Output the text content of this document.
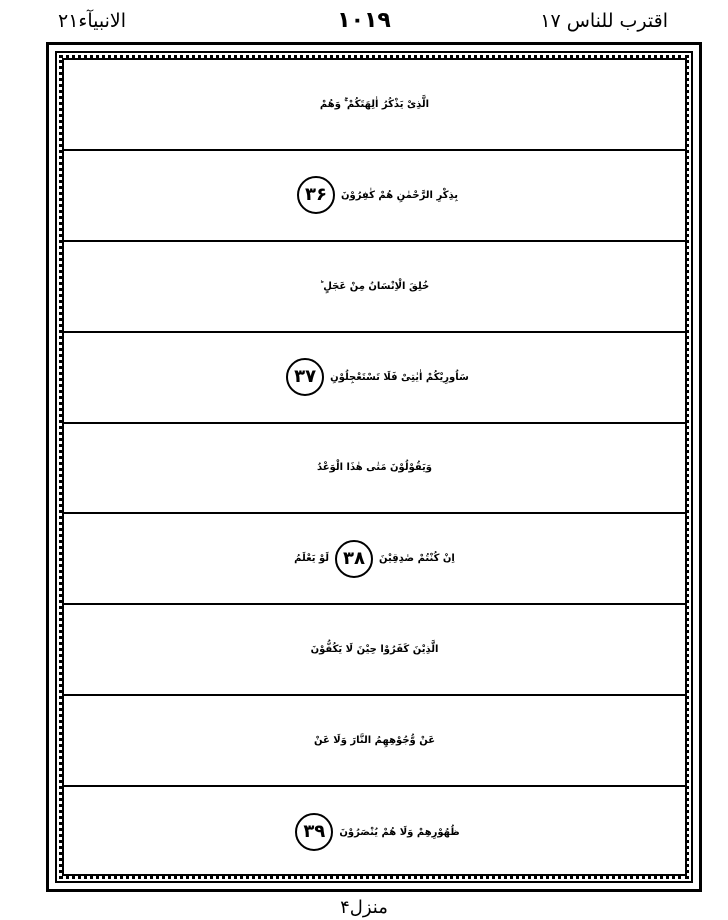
اقترب للناس ۱۷
۱۰۱۹
الانبیآء۲۱
الَّذِیْ یَذْکُرُ اٰلِھَتَکُمْ ۚ وَھُمْ
بِذِکْرِ الرَّحْمٰنِ ھُمْ کٰفِرُوْنَ
۳۶
خُلِقَ الْاِنْسَانُ مِنْ عَجَلٍ ؕ
سَاُورِیْکُمْ اٰیٰتِیْ فَلَا تَسْتَعْجِلُوْنِ
۳۷
وَیَقُوْلُوْنَ مَتٰی ھٰذَا الْوَعْدُ
اِنْ کُنْتُمْ صٰدِقِیْنَ
۳۸
لَوْ یَعْلَمُ
الَّذِیْنَ کَفَرُوْا حِیْنَ لَا یَکُفُّوْنَ
عَنْ وُّجُوْھِھِمُ النَّارَ وَلَا عَنْ
ظُھُوْرِھِمْ وَلَا ھُمْ یُنْصَرُوْنَ
۳۹
منزل۴
